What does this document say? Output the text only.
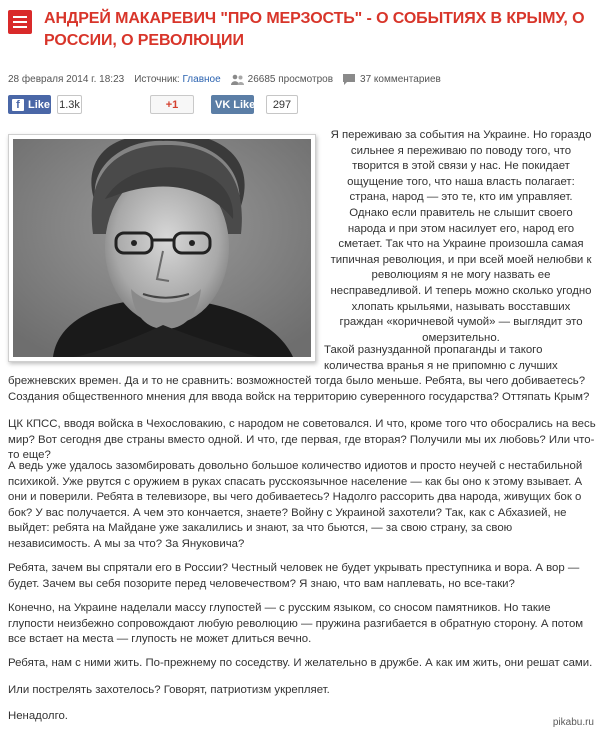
АНДРЕЙ МАКАРЕВИЧ "ПРО МЕРЗОСТЬ" - О СОБЫТИЯХ В КРЫМУ, О РОССИИ, О РЕВОЛЮЦИИ
28 февраля 2014 г. 18:23 Источник:
Главное	26685 просмотров	37 комментариев
f Like 1.3k	+1	VK Like	297
Я переживаю за события на Украине. Но гораздо сильнее я переживаю по поводу того, что творится в этой связи у нас. Не покидает ощущение того, что наша власть полагает: страна, народ — это те, кто им управляет. Однако если правитель не слышит своего народа и при этом насилует его, народ его сметает. Так что на Украине произошла самая типичная революция, и при всей моей нелюбви к революциям я не могу назвать ее несправедливой. И теперь можно сколько угодно хлопать крыльями, называть восставших граждан «коричневой чумой» — выглядит это омерзительно.
Такой разнузданной пропаганды и такого количества вранья я не припомню с лучших брежневских времен. Да и то не сравнить: возможностей тогда было меньше. Ребята, вы чего добиваетесь? Создания общественного мнения для ввода войск на территорию суверенного государства? Оттяпать Крым?
ЦК КПСС, вводя войска в Чехословакию, с народом не советовался. И что, кроме того что обосрались на весь мир? Вот сегодня две страны вместо одной. И что, где первая, где вторая? Получили мы их любовь? Или что-то еще?
А ведь уже удалось зазомбировать довольно большое количество идиотов и просто неучей с нестабильной психикой. Уже рвутся с оружием в руках спасать русскоязычное население — как бы оно к этому взывает. А они и поверили. Ребята в телевизоре, вы чего добиваетесь? Надолго рассорить два народа, живущих бок о бок? У вас получается. А чем это кончается, знаете? Войну с Украиной захотели? Так, как с Абхазией, не выйдет: ребята на Майдане уже закалились и знают, за что бьются, — за свою страну, за свою независимость. А мы за что? За Януковича?
Ребята, зачем вы спрятали его в России? Честный человек не будет укрывать преступника и вора. А вор — будет. Зачем вы себя позорите перед человечеством? Я знаю, что вам наплевать, но все-таки?
Конечно, на Украине наделали массу глупостей — с русским языком, со сносом памятников. Но такие глупости неизбежно сопровождают любую революцию — пружина разгибается в обратную сторону. А потом все встает на места — глупость не может длиться вечно.
Ребята, нам с ними жить. По-прежнему по соседству. И желательно в дружбе. А как им жить, они решат сами.
Или пострелять захотелось? Говорят, патриотизм укрепляет.
Ненадолго.
pikabu.ru
